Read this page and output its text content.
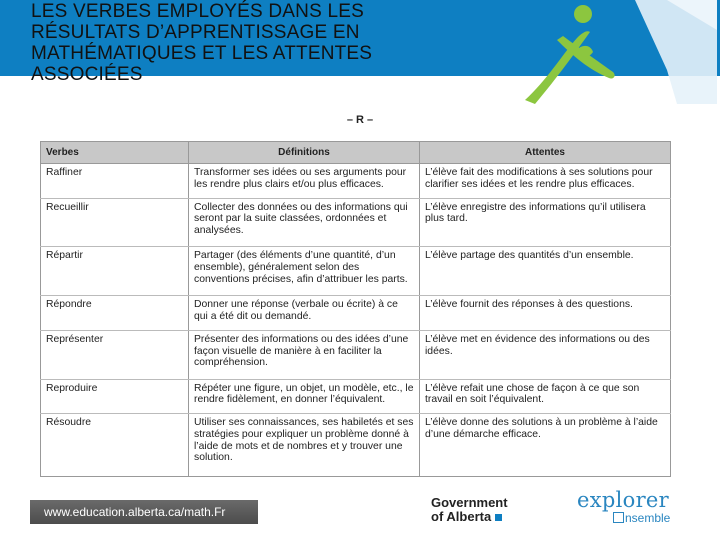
LES VERBES EMPLOYÉS DANS LES
RÉSULTATS D’APPRENTISSAGE EN
MATHÉMATIQUES ET LES ATTENTES
ASSOCIÉES
– R –
Verbes	Définitions	Attentes
Raffiner	Transformer ses idées ou ses arguments pour les rendre plus clairs et/ou plus efficaces.	L’élève fait des modifications à ses solutions pour clarifier ses idées et les rendre plus efficaces.
Recueillir	Collecter des données ou des informations qui seront par la suite classées, ordonnées et analysées.	L’élève enregistre des informations qu’il utilisera plus tard.
Répartir	Partager (des éléments d’une quantité, d’un ensemble), généralement selon des conventions précises, afin d’attribuer les parts.	L’élève partage des quantités d’un ensemble.
Répondre	Donner une réponse (verbale ou écrite) à ce qui a été dit ou demandé.	L’élève fournit des réponses à des questions.
Représenter	Présenter des informations ou des idées d’une façon visuelle de manière à en faciliter la compréhension.	L’élève met en évidence des informations ou des idées.
Reproduire	Répéter une figure, un objet, un modèle, etc., le rendre fidèlement, en donner l’équivalent.	L’élève refait une chose de façon à ce que son travail en soit l’équivalent.
Résoudre	Utiliser ses connaissances, ses habiletés et ses stratégies pour expliquer un problème donné à l’aide de mots et de nombres et y trouver une solution.	L’élève donne des solutions à un problème à l’aide d’une démarche efficace.
www.education.alberta.ca/math.Fr
Government
of Alberta
explorer
nsemble
